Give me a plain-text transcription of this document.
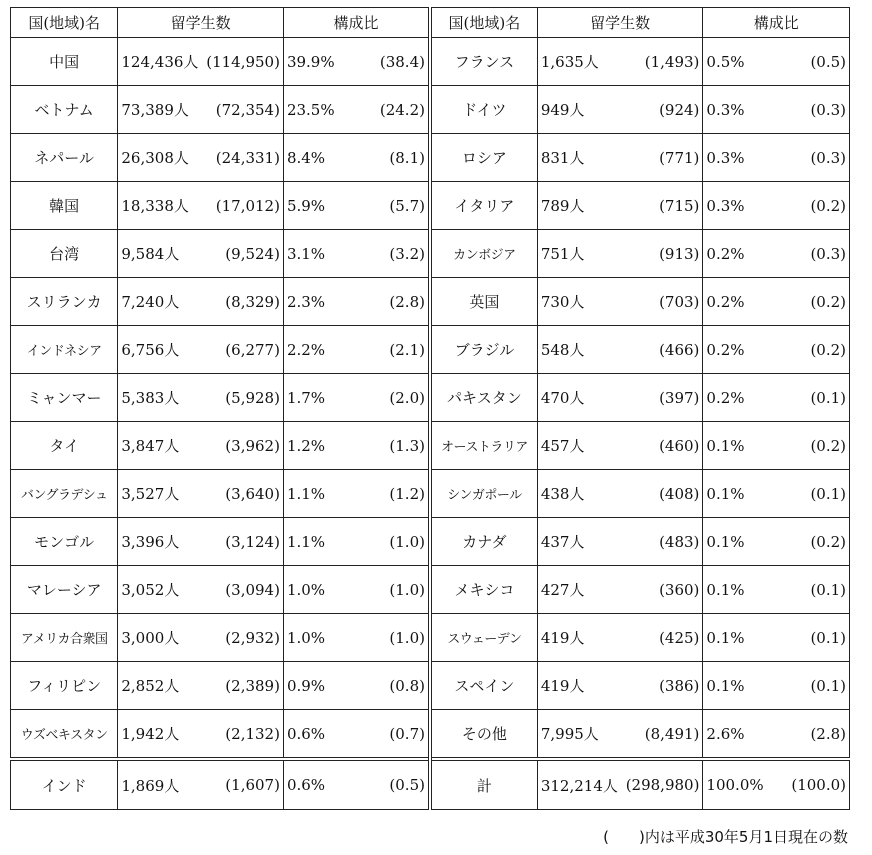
国(地域)名	留学生数	構成比	国(地域)名	留学生数	構成比
中国	124,436人 (114,950)	39.9% (38.4)	フランス	1,635人 (1,493)	0.5% (0.5)

ベトナム	73,389人 (72,354)	23.5% (24.2)	ドイツ	949人 (924)	0.3% (0.3)

ネパール	26,308人 (24,331)	8.4% (8.1)	ロシア	831人 (771)	0.3% (0.3)

韓国	18,338人 (17,012)	5.9% (5.7)	イタリア	789人 (715)	0.3% (0.2)

台湾	9,584人 (9,524)	3.1% (3.2)	カンボジア	751人 (913)	0.2% (0.3)

スリランカ	7,240人 (8,329)	2.3% (2.8)	英国	730人 (703)	0.2% (0.2)

インドネシア	6,756人 (6,277)	2.2% (2.1)	ブラジル	548人 (466)	0.2% (0.2)

ミャンマー	5,383人 (5,928)	1.7% (2.0)	パキスタン	470人 (397)	0.2% (0.1)

タイ	3,847人 (3,962)	1.2% (1.3)	オーストラリア	457人 (460)	0.1% (0.2)

バングラデシュ	3,527人 (3,640)	1.1% (1.2)	シンガポール	438人 (408)	0.1% (0.1)

モンゴル	3,396人 (3,124)	1.1% (1.0)	カナダ	437人 (483)	0.1% (0.2)

マレーシア	3,052人 (3,094)	1.0% (1.0)	メキシコ	427人 (360)	0.1% (0.1)

アメリカ合衆国	3,000人 (2,932)	1.0% (1.0)	スウェーデン	419人 (425)	0.1% (0.1)

フィリピン	2,852人 (2,389)	0.9% (0.8)	スペイン	419人 (386)	0.1% (0.1)

ウズベキスタン	1,942人 (2,132)	0.6% (0.7)	その他	7,995人 (8,491)	2.6% (2.8)

インド	1,869人 (1,607)	0.6% (0.5)	計	312,214人 (298,980)	100.0% (100.0)
(　　)内は平成30年5月1日現在の数
